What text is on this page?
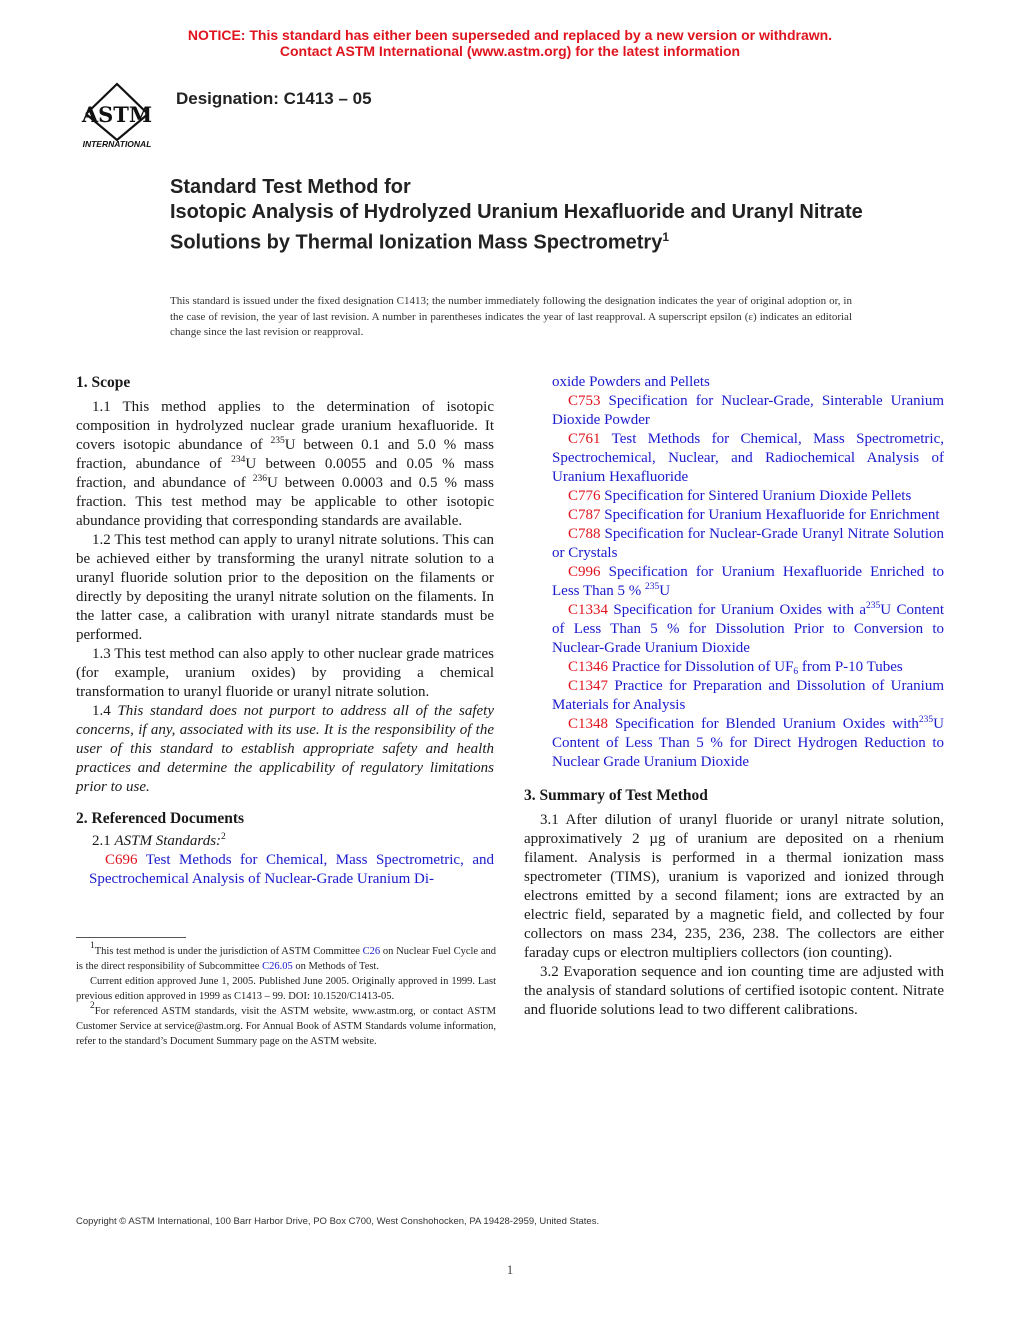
NOTICE: This standard has either been superseded and replaced by a new version or withdrawn.
Contact ASTM International (www.astm.org) for the latest information
ASTM
INTERNATIONAL
Designation: C1413 – 05
Standard Test Method for
Isotopic Analysis of Hydrolyzed Uranium Hexafluoride and Uranyl Nitrate Solutions by Thermal Ionization Mass Spectrometry$^1$
This standard is issued under the fixed designation C1413; the number immediately following the designation indicates the year of original adoption or, in the case of revision, the year of last revision. A number in parentheses indicates the year of last reapproval. A superscript epsilon (ε) indicates an editorial change since the last revision or reapproval.
1. Scope

1.1 This method applies to the determination of isotopic composition in hydrolyzed nuclear grade uranium hexafluoride. It covers isotopic abundance of $^{235}$U between 0.1 and 5.0 % mass fraction, abundance of $^{234}$U between 0.0055 and 0.05 % mass fraction, and abundance of $^{236}$U between 0.0003 and 0.5 % mass fraction. This test method may be applicable to other isotopic abundance providing that corresponding standards are available.

1.2 This test method can apply to uranyl nitrate solutions. This can be achieved either by transforming the uranyl nitrate solution to a uranyl fluoride solution prior to the deposition on the filaments or directly by depositing the uranyl nitrate solution on the filaments. In the latter case, a calibration with uranyl nitrate standards must be performed.

1.3 This test method can also apply to other nuclear grade matrices (for example, uranium oxides) by providing a chemical transformation to uranyl fluoride or uranyl nitrate solution.

1.4 This standard does not purport to address all of the safety concerns, if any, associated with its use. It is the responsibility of the user of this standard to establish appropriate safety and health practices and determine the applicability of regulatory limitations prior to use.

2. Referenced Documents

2.1 ASTM Standards:$^2$

C696 Test Methods for Chemical, Mass Spectrometric, and Spectrochemical Analysis of Nuclear-Grade Uranium Di-

$^1$This test method is under the jurisdiction of ASTM Committee C26 on Nuclear Fuel Cycle and is the direct responsibility of Subcommittee C26.05 on Methods of Test.

Current edition approved June 1, 2005. Published June 2005. Originally approved in 1999. Last previous edition approved in 1999 as C1413 – 99. DOI: 10.1520/C1413-05.

$^2$For referenced ASTM standards, visit the ASTM website, www.astm.org, or contact ASTM Customer Service at service@astm.org. For Annual Book of ASTM Standards volume information, refer to the standard’s Document Summary page on the ASTM website.

oxide Powders and Pellets

C753 Specification for Nuclear-Grade, Sinterable Uranium Dioxide Powder

C761 Test Methods for Chemical, Mass Spectrometric, Spectrochemical, Nuclear, and Radiochemical Analysis of Uranium Hexafluoride

C776 Specification for Sintered Uranium Dioxide Pellets

C787 Specification for Uranium Hexafluoride for Enrichment

C788 Specification for Nuclear-Grade Uranyl Nitrate Solution or Crystals

C996 Specification for Uranium Hexafluoride Enriched to Less Than 5 % $^{235}$U

C1334 Specification for Uranium Oxides with $a^{235}U$ Content of Less Than 5 % for Dissolution Prior to Conversion to Nuclear-Grade Uranium Dioxide

C1346 Practice for Dissolution of $UF_6$ from P-10 Tubes

C1347 Practice for Preparation and Dissolution of Uranium Materials for Analysis

C1348 Specification for Blended Uranium Oxides with$^{235}$U Content of Less Than 5 % for Direct Hydrogen Reduction to Nuclear Grade Uranium Dioxide

3. Summary of Test Method

3.1 After dilution of uranyl fluoride or uranyl nitrate solution, approximatively 2 µg of uranium are deposited on a rhenium filament. Analysis is performed in a thermal ionization mass spectrometer (TIMS), uranium is vaporized and ionized through electrons emitted by a second filament; ions are extracted by an electric field, separated by a magnetic field, and collected by four collectors on mass 234, 235, 236, 238. The collectors are either faraday cups or electron multipliers collectors (ion counting).

3.2 Evaporation sequence and ion counting time are adjusted with the analysis of standard solutions of certified isotopic content. Nitrate and fluoride solutions lead to two different calibrations.

Copyright © ASTM International, 100 Barr Harbor Drive, PO Box C700, West Conshohocken, PA 19428-2959, United States.
1
